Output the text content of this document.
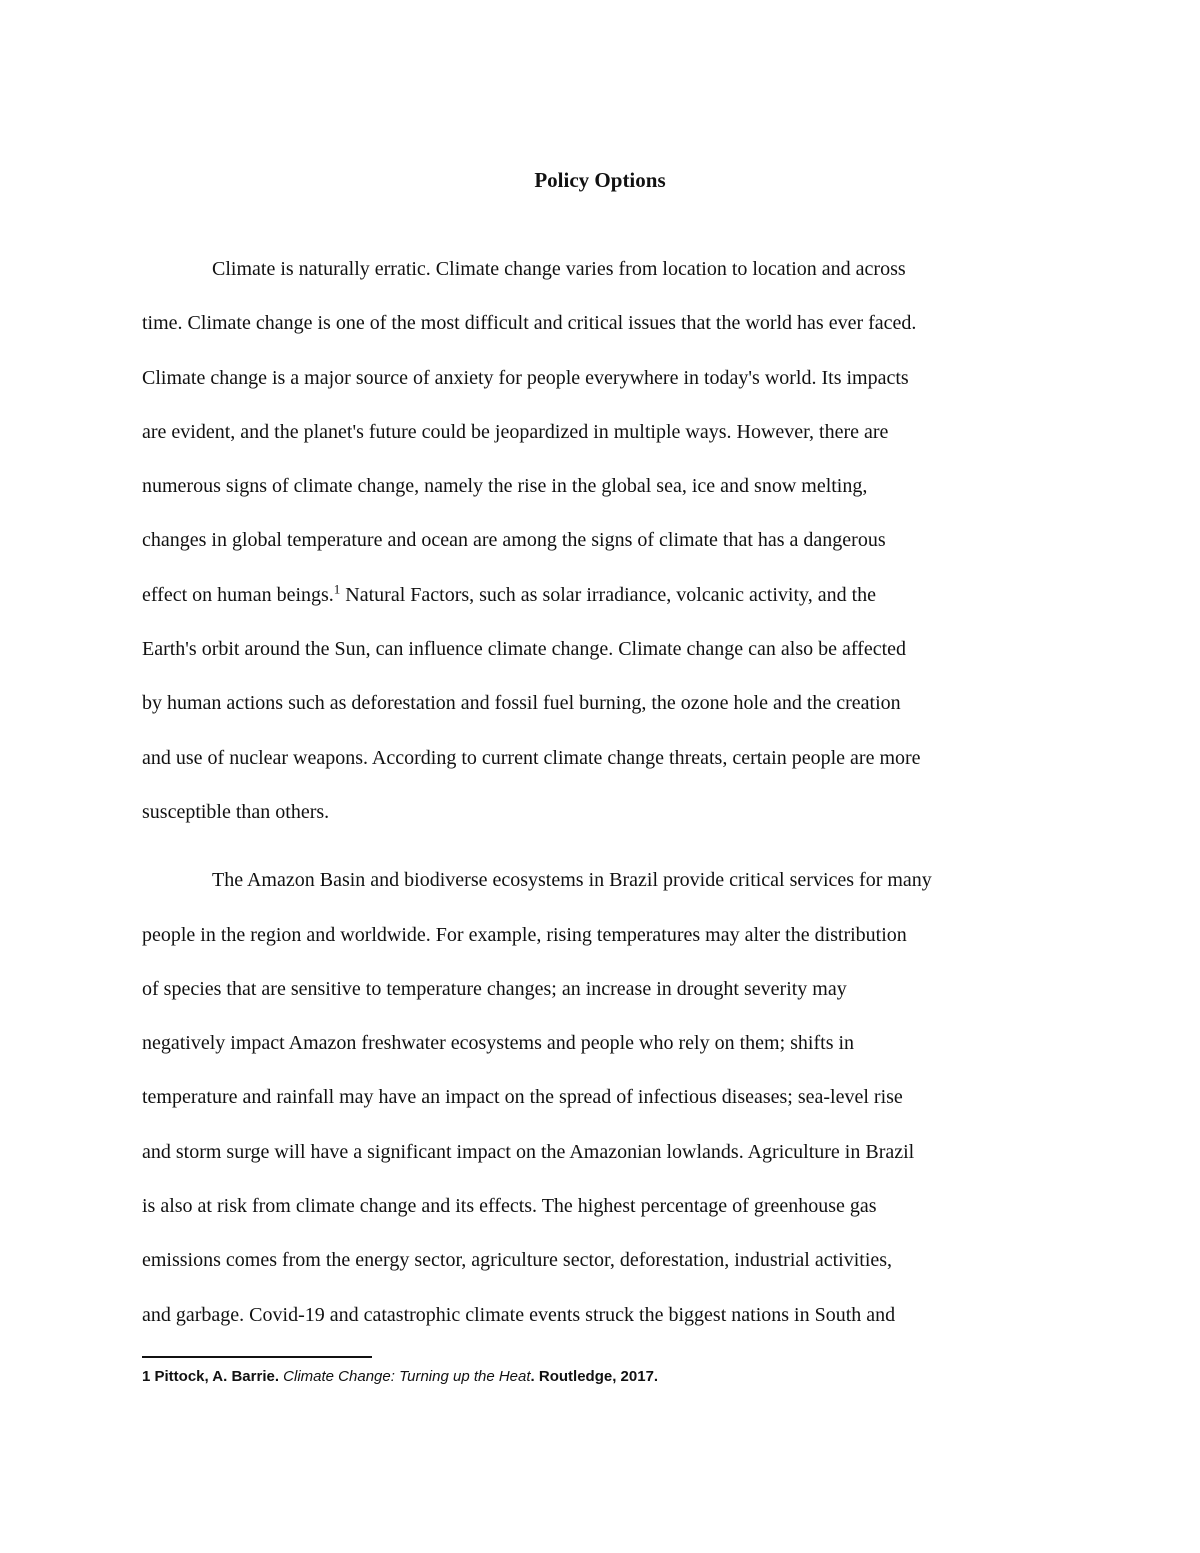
Policy Options
Climate is naturally erratic. Climate change varies from location to location and across
time. Climate change is one of the most difficult and critical issues that the world has ever faced.
Climate change is a major source of anxiety for people everywhere in today's world. Its impacts
are evident, and the planet's future could be jeopardized in multiple ways. However, there are
numerous signs of climate change, namely the rise in the global sea, ice and snow melting,
changes in global temperature and ocean are among the signs of climate that has a dangerous
effect on human beings.$^1$ Natural Factors, such as solar irradiance, volcanic activity, and the
Earth's orbit around the Sun, can influence climate change. Climate change can also be affected
by human actions such as deforestation and fossil fuel burning, the ozone hole and the creation
and use of nuclear weapons. According to current climate change threats, certain people are more
susceptible than others.
The Amazon Basin and biodiverse ecosystems in Brazil provide critical services for many
people in the region and worldwide. For example, rising temperatures may alter the distribution
of species that are sensitive to temperature changes; an increase in drought severity may
negatively impact Amazon freshwater ecosystems and people who rely on them; shifts in
temperature and rainfall may have an impact on the spread of infectious diseases; sea-level rise
and storm surge will have a significant impact on the Amazonian lowlands. Agriculture in Brazil
is also at risk from climate change and its effects. The highest percentage of greenhouse gas
emissions comes from the energy sector, agriculture sector, deforestation, industrial activities,
and garbage. Covid-19 and catastrophic climate events struck the biggest nations in South and
1 Pittock, A. Barrie. Climate Change: Turning up the Heat. Routledge, 2017.
